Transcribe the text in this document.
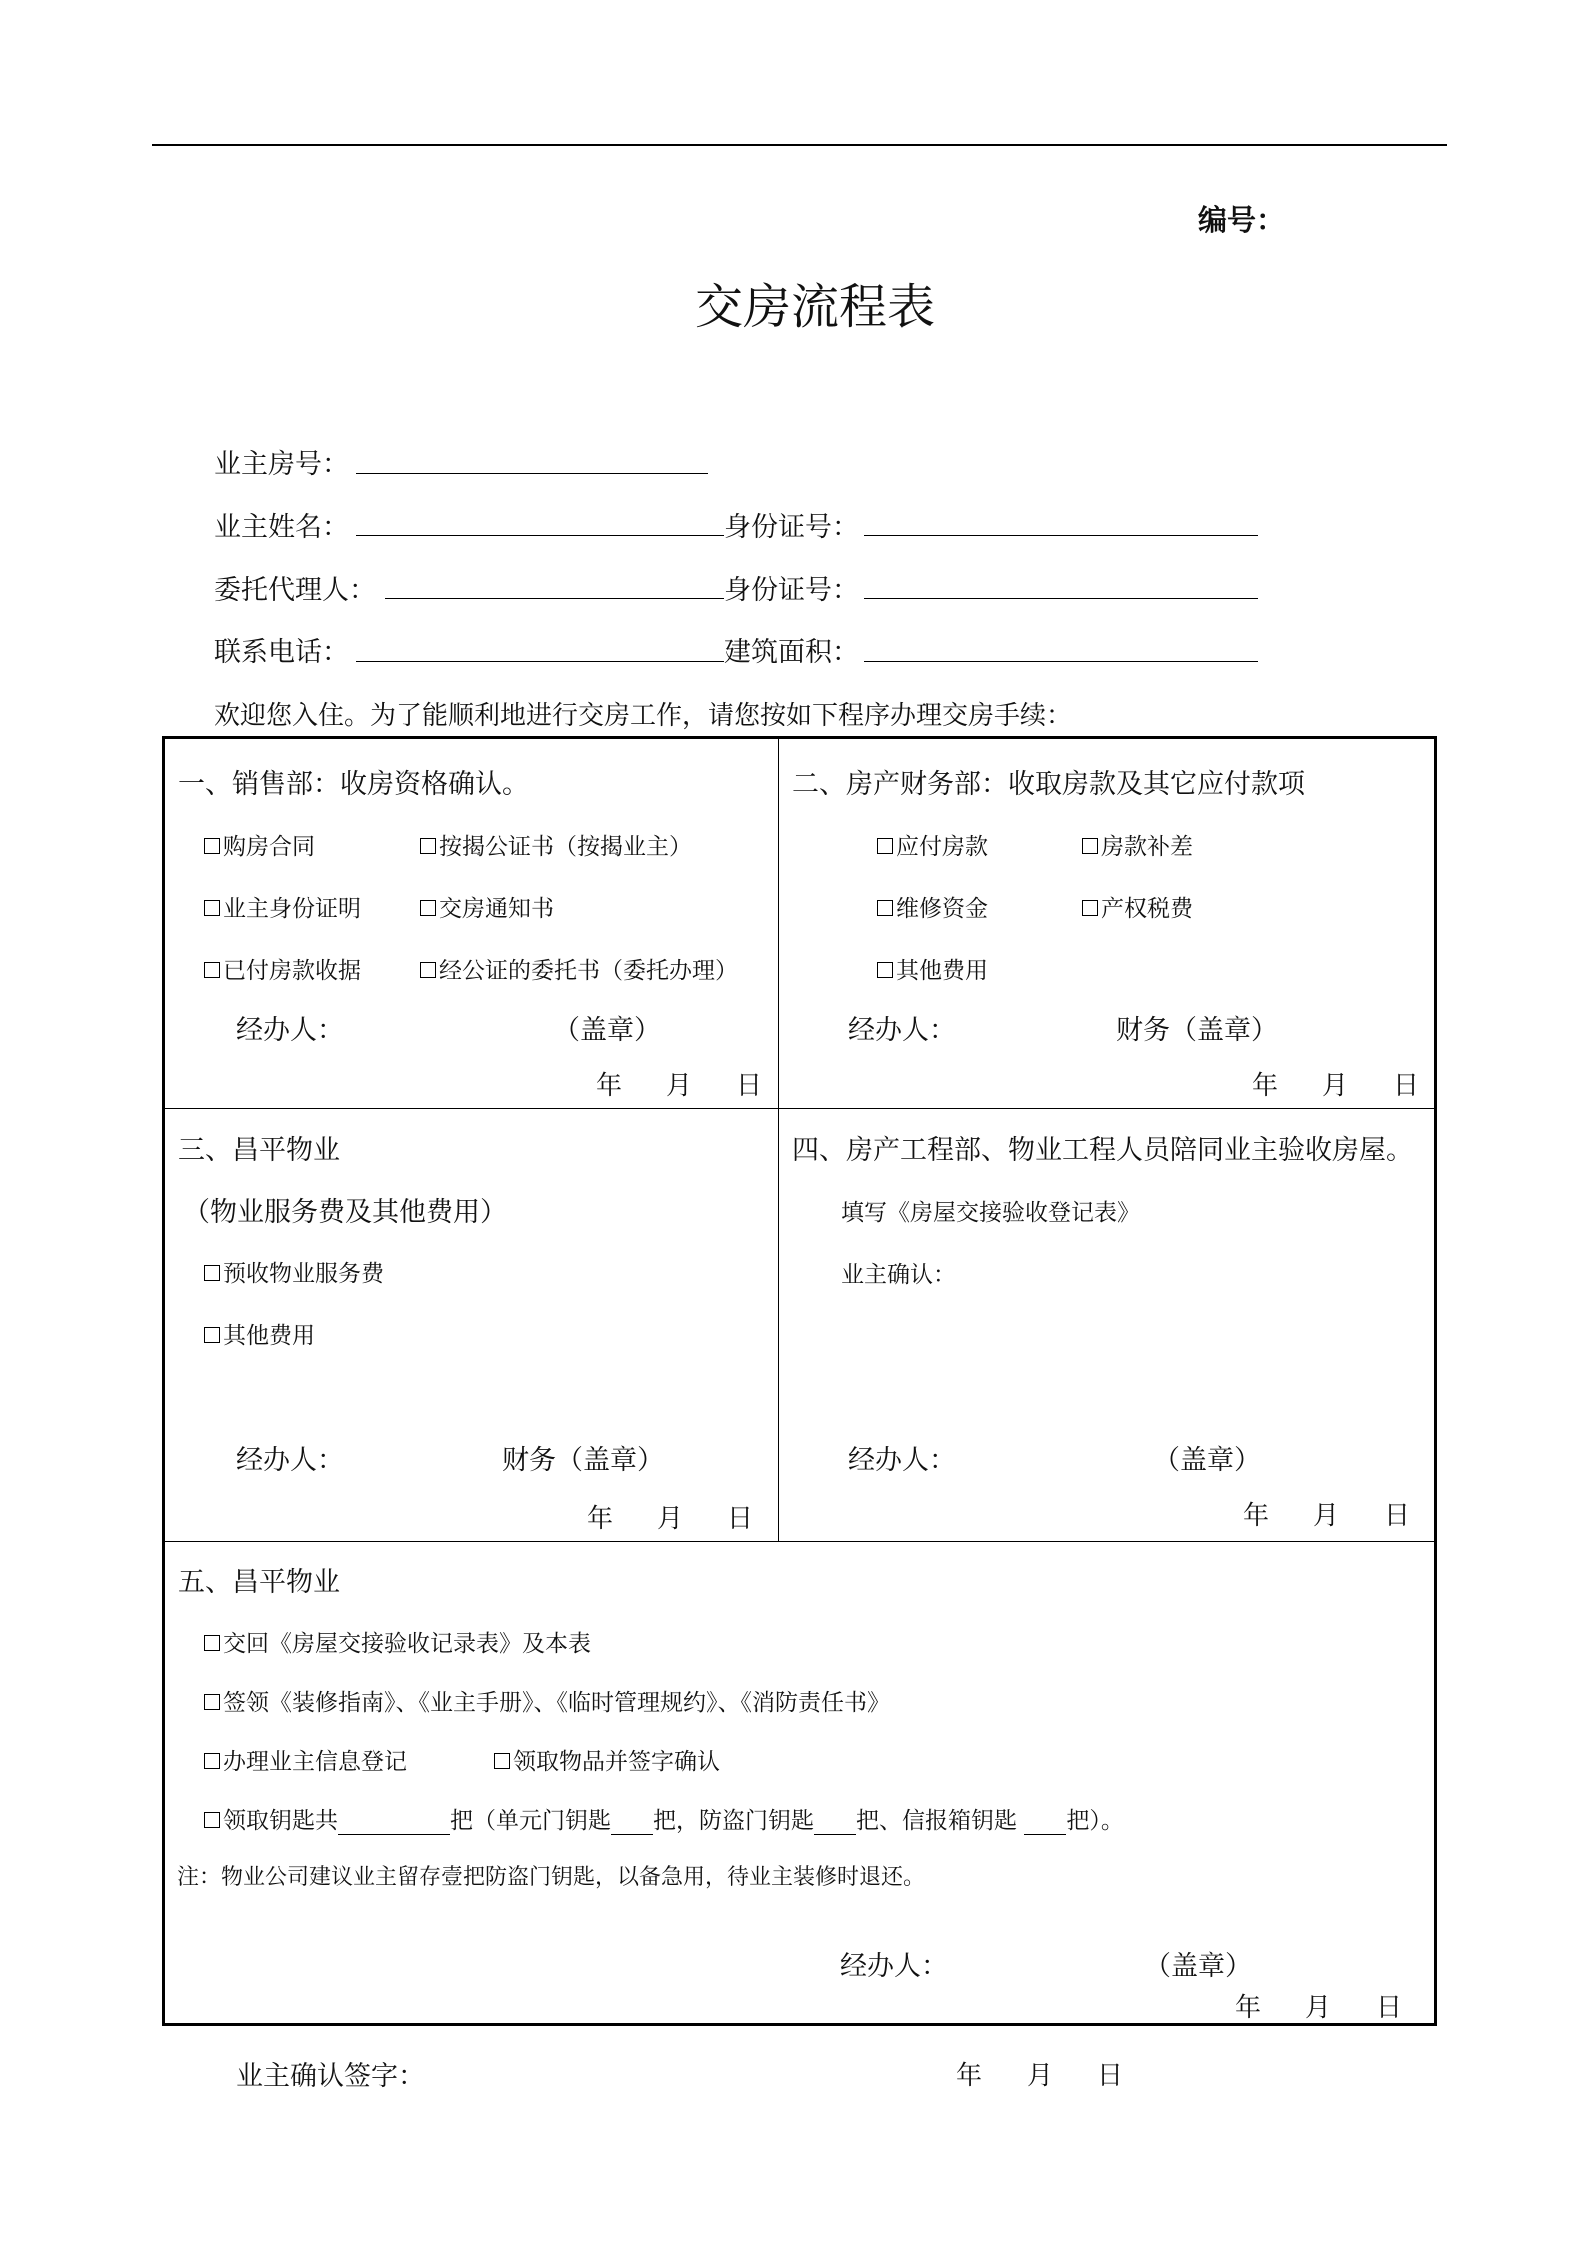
编号：
交房流程表
业主房号：
业主姓名：	身份证号：
委托代理人：	身份证号：
联系电话：	建筑面积：
欢迎您入住。为了能顺利地进行交房工作，请您按如下程序办理交房手续：
一、销售部：收房资格确认。
购房合同	按揭公证书（按揭业主）
业主身份证明	交房通知书
已付房款收据	经公证的委托书（委托办理）
经办人：	（盖章）
年 月 日
二、房产财务部：收取房款及其它应付款项
应付房款	房款补差
维修资金	产权税费
其他费用
经办人：	财务（盖章）
年 月 日
三、昌平物业
（物业服务费及其他费用）
预收物业服务费
其他费用
经办人：	财务（盖章）
年 月 日
四、房产工程部、物业工程人员陪同业主验收房屋。
填写《房屋交接验收登记表》
业主确认：
经办人：	（盖章）
年 月 日
五、昌平物业
交回《房屋交接验收记录表》及本表
签领《装修指南》、《业主手册》、《临时管理规约》、《消防责任书》
办理业主信息登记	领取物品并签字确认
领取钥匙共	把（单元门钥匙 把，防盗门钥匙 把、信报箱钥匙 把）。
注：物业公司建议业主留存壹把防盗门钥匙，以备急用，待业主装修时退还。
经办人：	（盖章）
年 月 日
业主确认签字：	年 月 日
